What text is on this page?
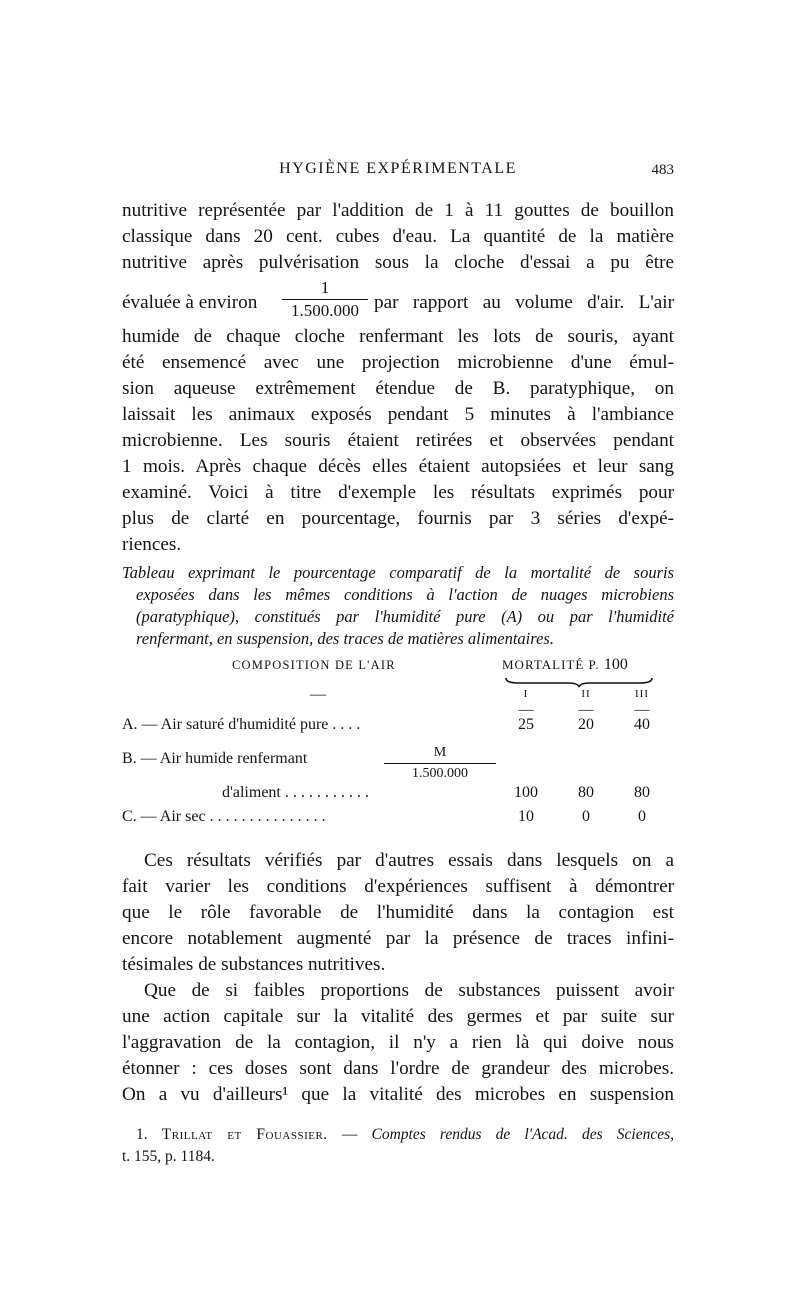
HYGIÈNE EXPÉRIMENTALE	483
nutritive représentée par l'addition de 1 à 11 gouttes de bouillon
classique dans 20 cent. cubes d'eau. La quantité de la matière
nutritive après pulvérisation sous la cloche d'essai a pu être
évaluée à environ
1
1.500.000 par rapport au volume d'air. L'air
humide de chaque cloche renfermant les lots de souris, ayant
été ensemencé avec une projection microbienne d'une émul-
sion aqueuse extrêmement étendue de B. paratyphique, on
laissait les animaux exposés pendant 5 minutes à l'ambiance
microbienne. Les souris étaient retirées et observées pendant
1 mois. Après chaque décès elles étaient autopsiées et leur sang
examiné. Voici à titre d'exemple les résultats exprimés pour
plus de clarté en pourcentage, fournis par 3 séries d'expé-
riences.
Tableau exprimant le pourcentage comparatif de la mortalité de souris
exposées dans les mêmes conditions à l'action de nuages microbiens
(paratyphique), constitués par l'humidité pure (A) ou par l'humidité
renfermant, en suspension, des traces de matières alimentaires.
COMPOSITION DE L'AIR	MORTALITÉ P. 100
—	I	II	III
—	—	—
A. — Air saturé d'humidité pure . . . .	25	20	40
B. — Air humide renfermant	M
1.500.000
d'aliment . . . . . . . . . . .	100	80	80
C. — Air sec . . . . . . . . . . . . . . .	10	0	0
Ces résultats vérifiés par d'autres essais dans lesquels on a
fait varier les conditions d'expériences suffisent à démontrer
que le rôle favorable de l'humidité dans la contagion est
encore notablement augmenté par la présence de traces infini-
tésimales de substances nutritives.
Que de si faibles proportions de substances puissent avoir
une action capitale sur la vitalité des germes et par suite sur
l'aggravation de la contagion, il n'y a rien là qui doive nous
étonner : ces doses sont dans l'ordre de grandeur des microbes.
On a vu d'ailleurs¹ que la vitalité des microbes en suspension
1. Trillat et Fouassier. — Comptes rendus de l'Acad. des Sciences,
t. 155, p. 1184.
